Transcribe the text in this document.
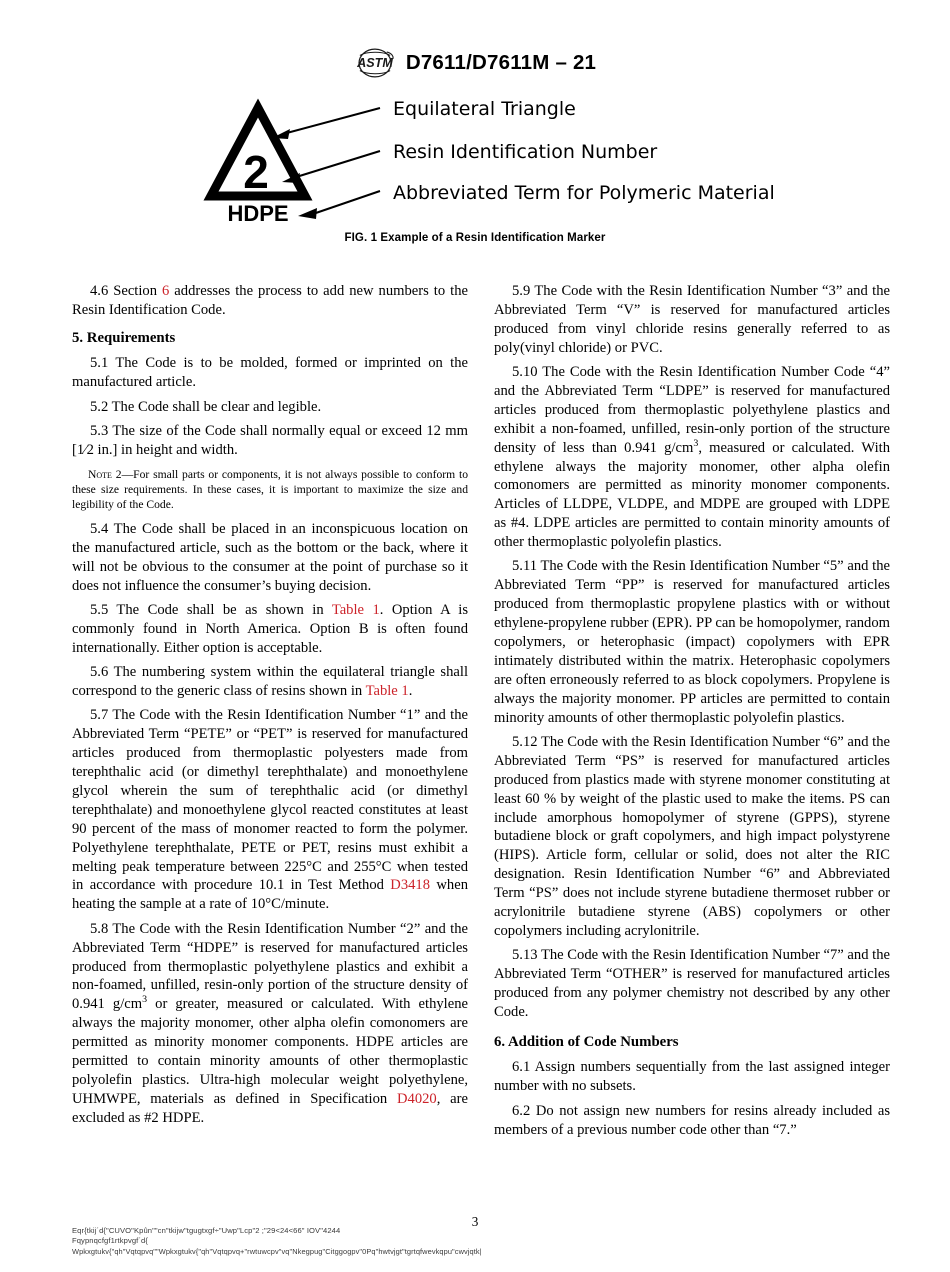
ASTM D7611/D7611M – 21
2
HDPE
Equilateral Triangle
Resin Identification Number
Abbreviated Term for Polymeric Material
FIG. 1 Example of a Resin Identification Marker

4.6 Section 6 addresses the process to add new numbers to the Resin Identification Code.

5. Requirements

5.1 The Code is to be molded, formed or imprinted on the manufactured article.

5.2 The Code shall be clear and legible.

5.3 The size of the Code shall normally equal or exceed 12 mm [1⁄2 in.] in height and width.

Note 2—For small parts or components, it is not always possible to conform to these size requirements. In these cases, it is important to maximize the size and legibility of the Code.

5.4 The Code shall be placed in an inconspicuous location on the manufactured article, such as the bottom or the back, where it will not be obvious to the consumer at the point of purchase so it does not influence the consumer’s buying decision.

5.5 The Code shall be as shown in Table 1. Option A is commonly found in North America. Option B is often found internationally. Either option is acceptable.

5.6 The numbering system within the equilateral triangle shall correspond to the generic class of resins shown in Table 1.

5.7 The Code with the Resin Identification Number “1” and the Abbreviated Term “PETE” or “PET” is reserved for manufactured articles produced from thermoplastic polyesters made from terephthalic acid (or dimethyl terephthalate) and monoethylene glycol wherein the sum of terephthalic acid (or dimethyl terephthalate) and monoethylene glycol reacted constitutes at least 90 percent of the mass of monomer reacted to form the polymer. Polyethylene terephthalate, PETE or PET, resins must exhibit a melting peak temperature between 225°C and 255°C when tested in accordance with procedure 10.1 in Test Method D3418 when heating the sample at a rate of 10°C/minute.

5.8 The Code with the Resin Identification Number “2” and the Abbreviated Term “HDPE” is reserved for manufactured articles produced from thermoplastic polyethylene plastics and exhibit a non-foamed, unfilled, resin-only portion of the structure density of 0.941 $g/cm^3$ or greater, measured or calculated. With ethylene always the majority monomer, other alpha olefin comonomers are permitted as minority monomer components. HDPE articles are permitted to contain minority amounts of other thermoplastic polyolefin plastics. Ultra-high molecular weight polyethylene, UHMWPE, materials as defined in Specification D4020, are excluded as #2 HDPE.

5.9 The Code with the Resin Identification Number “3” and the Abbreviated Term “V” is reserved for manufactured articles produced from vinyl chloride resins generally referred to as poly(vinyl chloride) or PVC.

5.10 The Code with the Resin Identification Number Code “4” and the Abbreviated Term “LDPE” is reserved for manufactured articles produced from thermoplastic polyethylene plastics and exhibit a non-foamed, unfilled, resin-only portion of the structure density of less than 0.941 $g/cm^3$, measured or calculated. With ethylene always the majority monomer, other alpha olefin comonomers are permitted as minority monomer components. Articles of LLDPE, VLDPE, and MDPE are grouped with LDPE as #4. LDPE articles are permitted to contain minority amounts of other thermoplastic polyolefin plastics.

5.11 The Code with the Resin Identification Number “5” and the Abbreviated Term “PP” is reserved for manufactured articles produced from thermoplastic propylene plastics with or without ethylene-propylene rubber (EPR). PP can be homopolymer, random copolymers, or heterophasic (impact) copolymers with EPR intimately distributed within the matrix. Heterophasic copolymers are often erroneously referred to as block copolymers. Propylene is always the majority monomer. PP articles are permitted to contain minority amounts of other thermoplastic polyolefin plastics.

5.12 The Code with the Resin Identification Number “6” and the Abbreviated Term “PS” is reserved for manufactured articles produced from plastics made with styrene monomer constituting at least 60 % by weight of the plastic used to make the items. PS can include amorphous homopolymer of styrene (GPPS), styrene butadiene block or graft copolymers, and high impact polystyrene (HIPS). Article form, cellular or solid, does not alter the RIC designation. Resin Identification Number “6” and Abbreviated Term “PS” does not include styrene butadiene thermoset rubber or acrylonitrile butadiene styrene (ABS) copolymers or other copolymers including acrylonitrile.

5.13 The Code with the Resin Identification Number “7” and the Abbreviated Term “OTHER” is reserved for manufactured articles produced from any polymer chemistry not described by any other Code.

6. Addition of Code Numbers

6.1 Assign numbers sequentially from the last assigned integer number with no subsets.

6.2 Do not assign new numbers for resins already included as members of a previous number code other than “7.”

3
Eqr{tkij´d{"CUVO"Kpûn""cn"tkijw"tgugtxgf÷"Uwp"Lcp"2 ;"29<24<66" IOV"4244
Fqypnqcfgf1rtkpvgf´d{
Wpkxgtukv{"qh"Vqtqpvq""Wpkxgtukv{"qh"Vqtqpvq+"rwtuwcpv"vq"Nkegpug"Citggogpv"0Pq"hwtvjgt"tgrtqfwevkqpu"cwvjqtk|
